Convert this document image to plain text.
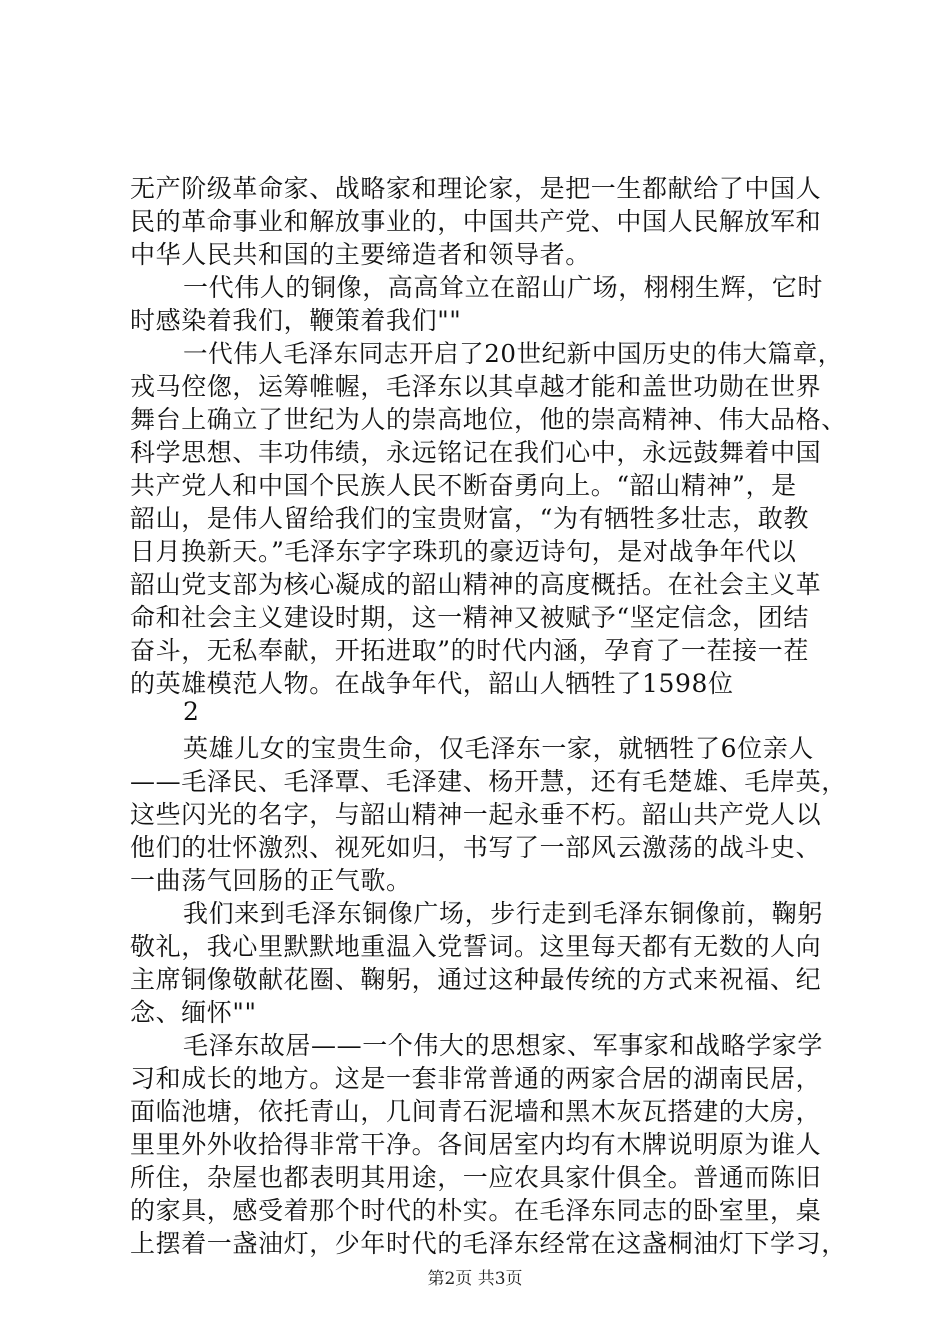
无产阶级革命家、战略家和理论家，是把一生都献给了中国人
民的革命事业和解放事业的，中国共产党、中国人民解放军和
中华人民共和国的主要缔造者和领导者。
一代伟人的铜像，高高耸立在韶山广场，栩栩生辉，它时
时感染着我们，鞭策着我们""
一代伟人毛泽东同志开启了20世纪新中国历史的伟大篇章，
戎马倥偬，运筹帷幄，毛泽东以其卓越才能和盖世功勋在世界
舞台上确立了世纪为人的崇高地位，他的崇高精神、伟大品格、
科学思想、丰功伟绩，永远铭记在我们心中，永远鼓舞着中国
共产党人和中国个民族人民不断奋勇向上。“韶山精神”，是
韶山，是伟人留给我们的宝贵财富，“为有牺牲多壮志，敢教
日月换新天。”毛泽东字字珠玑的豪迈诗句，是对战争年代以
韶山党支部为核心凝成的韶山精神的高度概括。在社会主义革
命和社会主义建设时期，这一精神又被赋予“坚定信念，团结
奋斗，无私奉献，开拓进取”的时代内涵，孕育了一茬接一茬
的英雄模范人物。在战争年代，韶山人牺牲了1598位
2
英雄儿女的宝贵生命，仅毛泽东一家，就牺牲了6位亲人
——毛泽民、毛泽覃、毛泽建、杨开慧，还有毛楚雄、毛岸英，
这些闪光的名字，与韶山精神一起永垂不朽。韶山共产党人以
他们的壮怀激烈、视死如归，书写了一部风云激荡的战斗史、
一曲荡气回肠的正气歌。
我们来到毛泽东铜像广场，步行走到毛泽东铜像前，鞠躬
敬礼，我心里默默地重温入党誓词。这里每天都有无数的人向
主席铜像敬献花圈、鞠躬，通过这种最传统的方式来祝福、纪
念、缅怀""
毛泽东故居——一个伟大的思想家、军事家和战略学家学
习和成长的地方。这是一套非常普通的两家合居的湖南民居，
面临池塘，依托青山，几间青石泥墙和黑木灰瓦搭建的大房，
里里外外收拾得非常干净。各间居室内均有木牌说明原为谁人
所住，杂屋也都表明其用途，一应农具家什俱全。普通而陈旧
的家具，感受着那个时代的朴实。在毛泽东同志的卧室里，桌
上摆着一盏油灯，少年时代的毛泽东经常在这盏桐油灯下学习，
第2页 共3页
